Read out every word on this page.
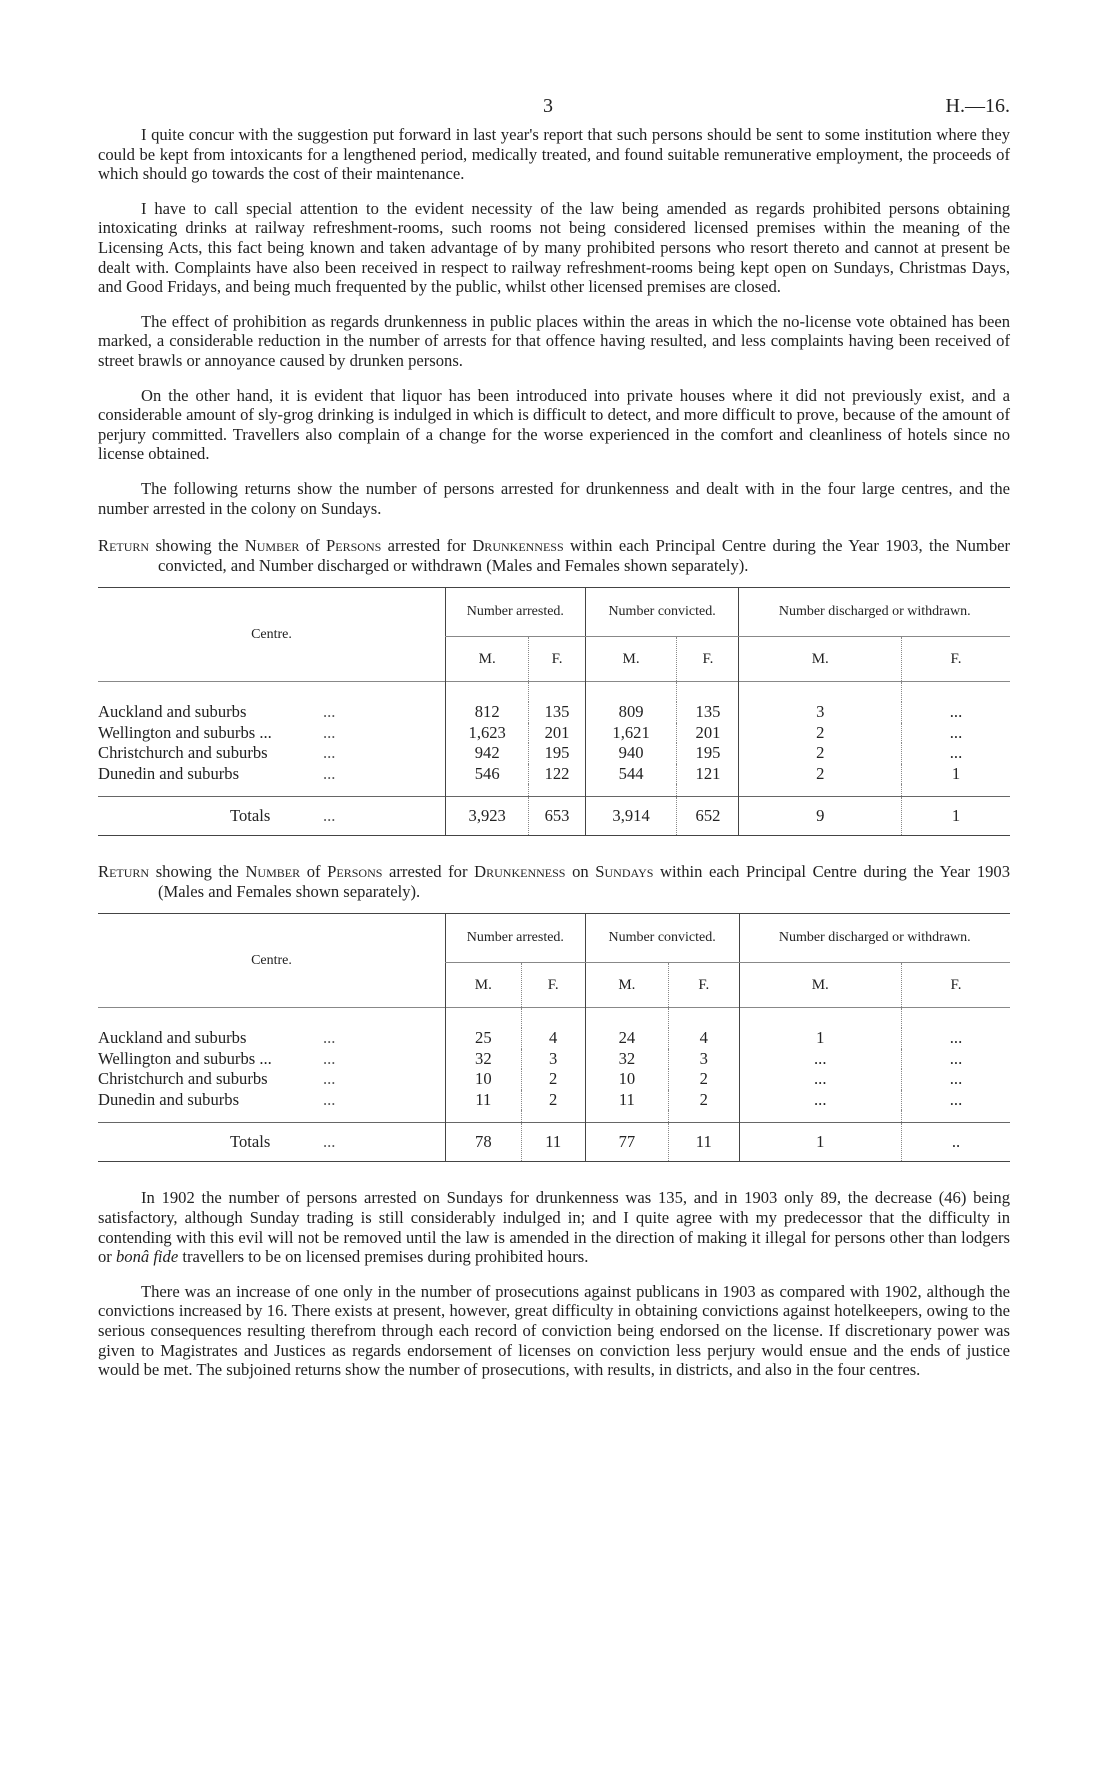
3	H.—16.

I quite concur with the suggestion put forward in last year's report that such persons should be sent to some institution where they could be kept from intoxicants for a lengthened period, medically treated, and found suitable remunerative employment, the proceeds of which should go towards the cost of their maintenance.

I have to call special attention to the evident necessity of the law being amended as regards prohibited persons obtaining intoxicating drinks at railway refreshment-rooms, such rooms not being considered licensed premises within the meaning of the Licensing Acts, this fact being known and taken advantage of by many prohibited persons who resort thereto and cannot at present be dealt with. Complaints have also been received in respect to railway refreshment-rooms being kept open on Sundays, Christmas Days, and Good Fridays, and being much frequented by the public, whilst other licensed premises are closed.

The effect of prohibition as regards drunkenness in public places within the areas in which the no-license vote obtained has been marked, a considerable reduction in the number of arrests for that offence having resulted, and less complaints having been received of street brawls or annoyance caused by drunken persons.

On the other hand, it is evident that liquor has been introduced into private houses where it did not previously exist, and a considerable amount of sly-grog drinking is indulged in which is difficult to detect, and more difficult to prove, because of the amount of perjury committed. Travellers also complain of a change for the worse experienced in the comfort and cleanliness of hotels since no license obtained.

The following returns show the number of persons arrested for drunkenness and dealt with in the four large centres, and the number arrested in the colony on Sundays.

Return showing the Number of Persons arrested for Drunkenness within each Principal Centre during the Year 1903, the Number convicted, and Number discharged or withdrawn (Males and Females shown separately).
Centre.	Number arrested.		Number convicted.		Number discharged or withdrawn.	
	M.	F.	M.	F.	M.	F.

Auckland and suburbs ...	812	135	809	135	3	...
Wellington and suburbs ... ...	1,623	201	1,621	201	2	...
Christchurch and suburbs ...	942	195	940	195	2	...
Dunedin and suburbs ...	546	122	544	121	2	1

Totals ...	3,923	653	3,914	652	9	1
Return showing the Number of Persons arrested for Drunkenness on Sundays within each Principal Centre during the Year 1903 (Males and Females shown separately).
Centre.	Number arrested.		Number convicted.		Number discharged or withdrawn.	
	M.	F.	M.	F.	M.	F.

Auckland and suburbs ...	25	4	24	4	1	...
Wellington and suburbs ... ...	32	3	32	3	...	...
Christchurch and suburbs ...	10	2	10	2	...	...
Dunedin and suburbs ...	11	2	11	2	...	...

Totals ...	78	11	77	11	1	..

In 1902 the number of persons arrested on Sundays for drunkenness was 135, and in 1903 only 89, the decrease (46) being satisfactory, although Sunday trading is still considerably indulged in; and I quite agree with my predecessor that the difficulty in contending with this evil will not be removed until the law is amended in the direction of making it illegal for persons other than lodgers or bonâ fide travellers to be on licensed premises during prohibited hours.

There was an increase of one only in the number of prosecutions against publicans in 1903 as compared with 1902, although the convictions increased by 16. There exists at present, however, great difficulty in obtaining convictions against hotelkeepers, owing to the serious consequences resulting therefrom through each record of conviction being endorsed on the license. If discretionary power was given to Magistrates and Justices as regards endorsement of licenses on conviction less perjury would ensue and the ends of justice would be met. The subjoined returns show the number of prosecutions, with results, in districts, and also in the four centres.
